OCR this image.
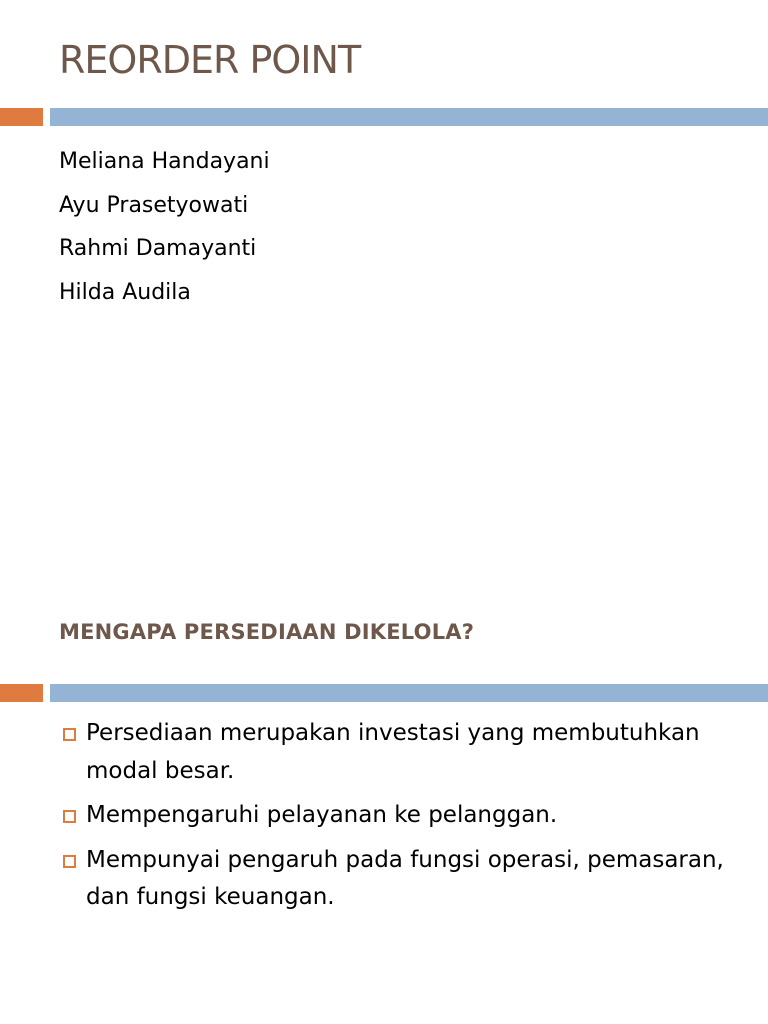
REORDER POINT
Meliana Handayani
Ayu Prasetyowati
Rahmi Damayanti
Hilda Audila
MENGAPA PERSEDIAAN DIKELOLA?
Persediaan merupakan investasi yang membutuhkan modal besar.
Mempengaruhi pelayanan ke pelanggan.
Mempunyai pengaruh pada fungsi operasi, pemasaran, dan fungsi keuangan.
